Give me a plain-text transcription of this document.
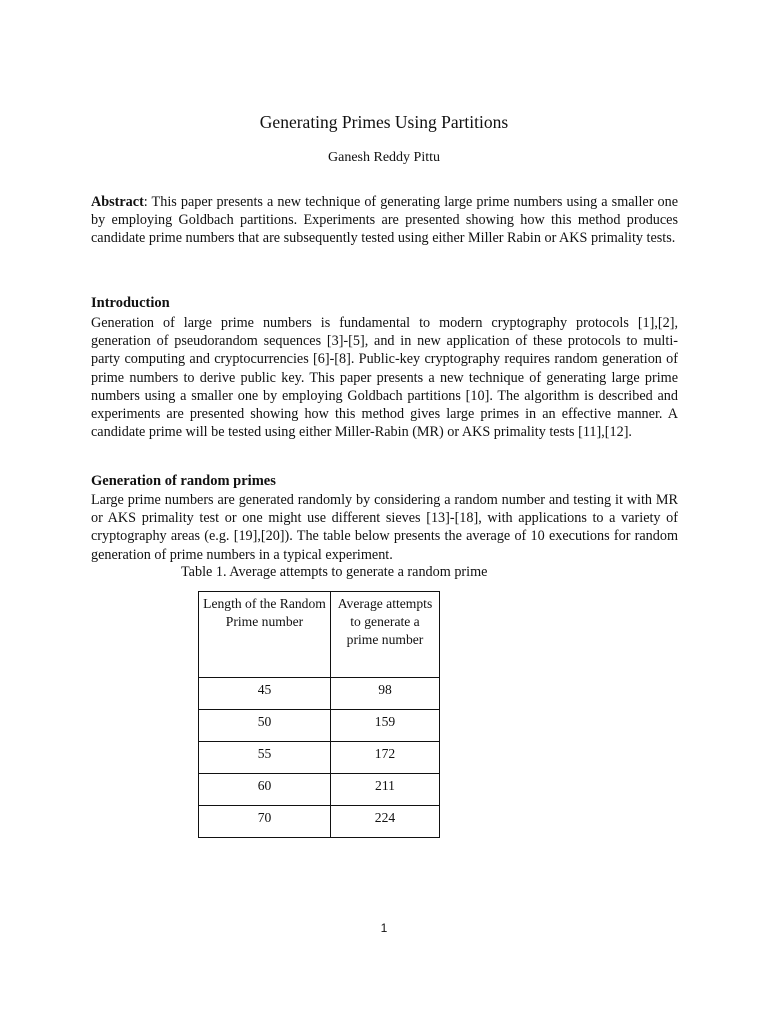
Generating Primes Using Partitions

Ganesh Reddy Pittu

Abstract: This paper presents a new technique of generating large prime numbers using a smaller one by employing Goldbach partitions. Experiments are presented showing how this method produces candidate prime numbers that are subsequently tested using either Miller Rabin or AKS primality tests.

Introduction

Generation of large prime numbers is fundamental to modern cryptography protocols [1],[2], generation of pseudorandom sequences [3]-[5], and in new application of these protocols to multi-party computing and cryptocurrencies [6]-[8]. Public-key cryptography requires random generation of prime numbers to derive public key. This paper presents a new technique of generating large prime numbers using a smaller one by employing Goldbach partitions [10]. The algorithm is described and experiments are presented showing how this method gives large primes in an effective manner. A candidate prime will be tested using either Miller-Rabin (MR) or AKS primality tests [11],[12].

Generation of random primes

Large prime numbers are generated randomly by considering a random number and testing it with MR or AKS primality test or one might use different sieves [13]-[18], with applications to a variety of cryptography areas (e.g. [19],[20]). The table below presents the average of 10 executions for random generation of prime numbers in a typical experiment.

Table 1. Average attempts to generate a random prime

Length of the Random Prime number	Average attempts to generate a prime number
45	98
50	159
55	172
60	211
70	224

1
